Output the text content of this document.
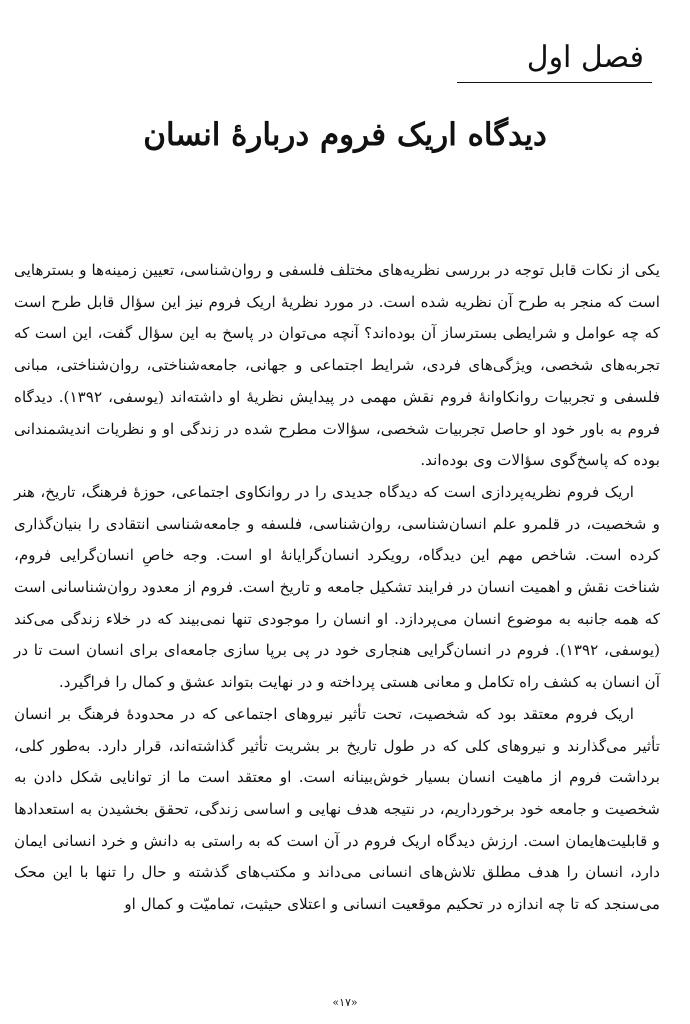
فصل اول
دیدگاه اریک فروم دربارۀ انسان

یکی از نکات قابل توجه در بررسی نظریه‌های مختلف فلسفی و روان‌شناسی، تعیین زمینه‌ها و بسترهایی است که منجر به طرح آن نظریه شده است. در مورد نظریۀ اریک فروم نیز این سؤال قابل طرح است که چه عوامل و شرایطی بسترساز آن بوده‌اند؟ آنچه می‌توان در پاسخ به این سؤال گفت، این است که تجربه‌های شخصی، ویژگی‌های فردی، شرایط اجتماعی و جهانی، جامعه‌شناختی، روان‌شناختی، مبانی فلسفی و تجربیات روانکاوانۀ فروم نقش مهمی در پیدایش نظریۀ او داشته‌اند (یوسفی، ۱۳۹۲). دیدگاه فروم به باور خود او حاصل تجربیات شخصی، سؤالات مطرح شده در زندگی او و نظریات اندیشمندانی بوده که پاسخ‌گوی سؤالات وی بوده‌اند.

اریک فروم نظریه‌پردازی است که دیدگاه جدیدی را در روانکاوی اجتماعی، حوزۀ فرهنگ، تاریخ، هنر و شخصیت، در قلمرو علم انسان‌شناسی، روان‌شناسی، فلسفه و جامعه‌شناسی انتقادی را بنیان‌گذاری کرده است. شاخص مهم این دیدگاه، رویکرد انسان‌گرایانۀ او است. وجه خاصِ انسان‌گرایی فروم، شناخت نقش و اهمیت انسان در فرایند تشکیل جامعه و تاریخ است. فروم از معدود روان‌شناسانی است که همه جانبه به موضوع انسان می‌پردازد. او انسان را موجودی تنها نمی‌بیند که در خلاء زندگی می‌کند (یوسفی، ۱۳۹۲). فروم در انسان‌گرایی هنجاری خود در پی برپا سازی جامعه‌ای برای انسان است تا در آن انسان به کشف راه تکامل و معانی هستی پرداخته و در نهایت بتواند عشق و کمال را فراگیرد.

اریک فروم معتقد بود که شخصیت، تحت تأثیر نیروهای اجتماعی که در محدودۀ فرهنگ بر انسان تأثیر می‌گذارند و نیروهای کلی که در طول تاریخ بر بشریت تأثیر گذاشته‌اند، قرار دارد. به‌طور کلی، برداشت فروم از ماهیت انسان بسیار خوش‌بینانه است. او معتقد است ما از توانایی شکل دادن به شخصیت و جامعه خود برخورداریم، در نتیجه هدف نهایی و اساسی زندگی، تحقق بخشیدن به استعدادها و قابلیت‌هایمان است. ارزش دیدگاه اریک فروم در آن است که به راستی به دانش و خرد انسانی ایمان دارد، انسان را هدف مطلق تلاش‌های انسانی می‌داند و مکتب‌های گذشته و حال را تنها با این محک می‌سنجد که تا چه اندازه در تحکیم موقعیت انسانی و اعتلای حیثیت، تمامیّت و کمال او

«۱۷»
